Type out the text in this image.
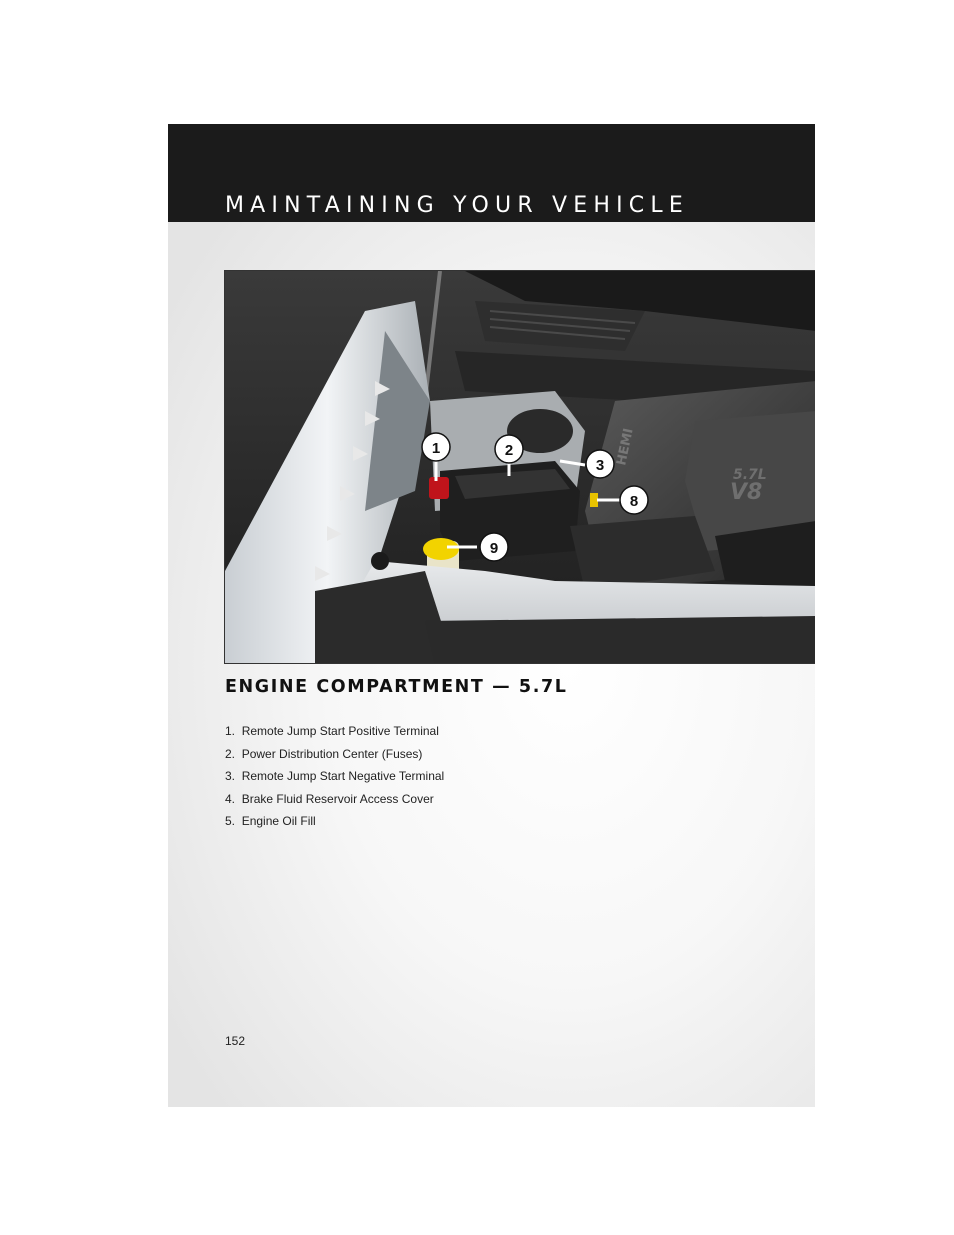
MAINTAINING YOUR VEHICLE
5.7L
V8
HEMI
1	2
3
8
9
ENGINE COMPARTMENT — 5.7L
1. Remote Jump Start Positive Terminal
2. Power Distribution Center (Fuses)
3. Remote Jump Start Negative Terminal
4. Brake Fluid Reservoir Access Cover
5. Engine Oil Fill
152
